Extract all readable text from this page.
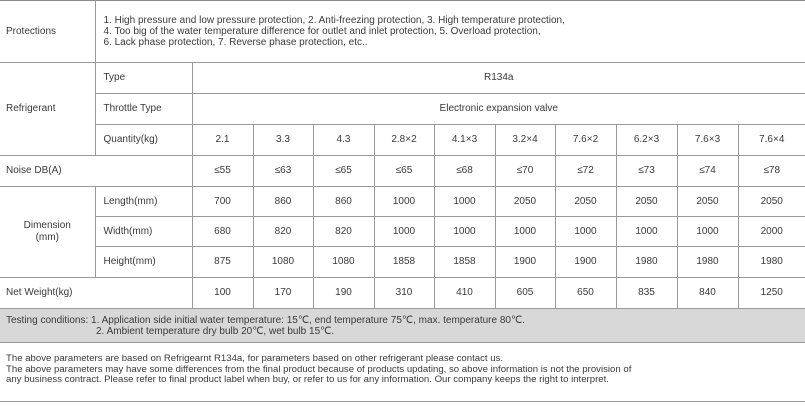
Protections	1. High pressure and low pressure protection, 2. Anti-freezing protection, 3. High temperature protection,
4. Too big of the water temperature difference for outlet and inlet protection, 5. Overload protection,
6. Lack phase protection, 7. Reverse phase protection, etc..										

Refrigerant	Type	R134a									
	Throttle Type	Electronic expansion valve									
	Quantity(kg)	2.1	3.3	4.3	2.8×2	4.1×3	3.2×4	7.6×2	6.2×3	7.6×3	7.6×4
Noise DB(A)		≤55	≤63	≤65	≤65	≤68	≤70	≤72	≤73	≤74	≤78

Dimension
(mm)	Length(mm)	700	860	860	1000	1000	2050	2050	2050	2050	2050
	Width(mm)	680	820	820	1000	1000	1000	1000	1000	1000	2000
	Height(mm)	875	1080	1080	1858	1858	1900	1900	1980	1980	1980
Net Weight(kg)		100	170	190	310	410	605	650	835	840	1250

Testing conditions: 1. Application side initial water temperature: 15℃, end temperature 75℃, max. temperature 80℃.
2. Ambient temperature dry bulb 20℃, wet bulb 15℃.											
The above parameters are based on Refrigearnt R134a, for parameters based on other refrigerant please contact us.
The above parameters may have some differences from the final product because of products updating, so above information is not the provision of
any business contract. Please refer to final product label when buy, or refer to us for any information. Our company keeps the right to interpret.
